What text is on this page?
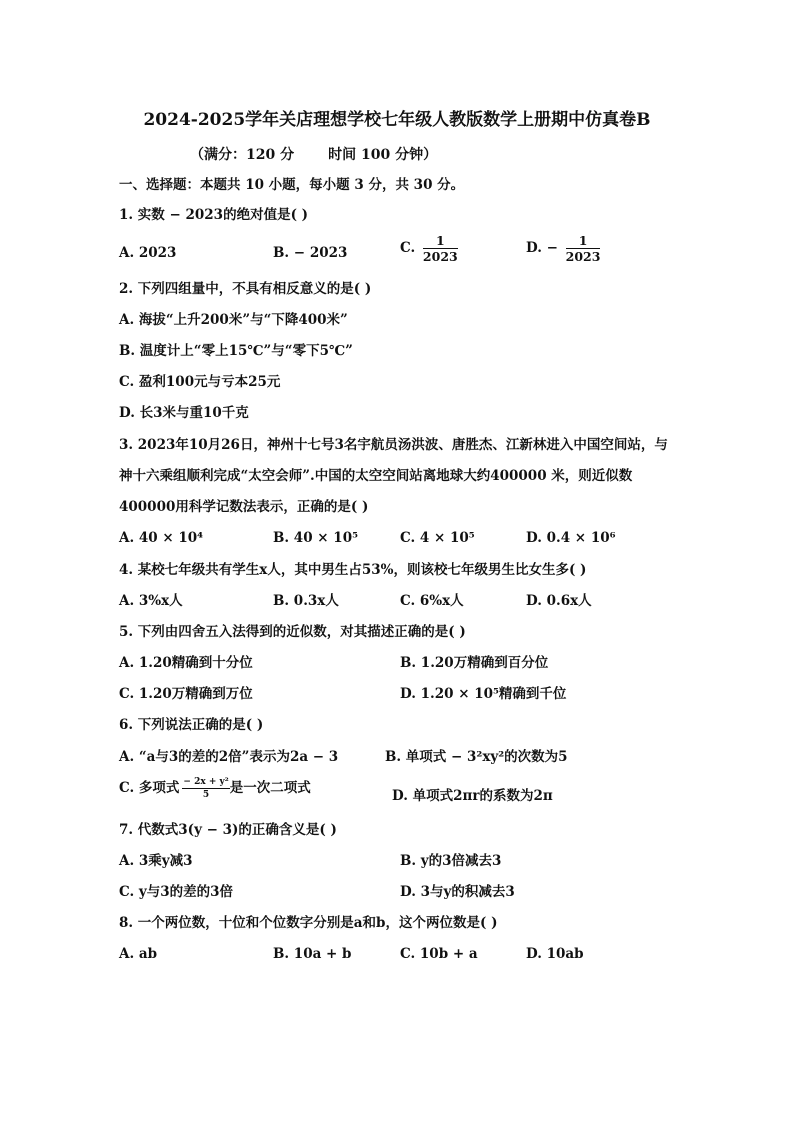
2024-2025学年关店理想学校七年级人教版数学上册期中仿真卷B
（满分：120 分 时间 100 分钟）
一、选择题：本题共 10 小题，每小题 3 分，共 30 分。
1. 实数 − 2023的绝对值是( )
A. 2023	B. − 2023	C. $\frac{1}{2023}$	D. − $\frac{1}{2023}$
2. 下列四组量中，不具有相反意义的是( )
A. 海拔“上升200米”与“下降400米”
B. 温度计上“零上15℃”与“零下5℃”
C. 盈利100元与亏本25元
D. 长3米与重10千克
3. 2023年10月26日，神州十七号3名宇航员汤洪波、唐胜杰、江新林进入中国空间站，与
神十六乘组顺利完成“太空会师”.中国的太空空间站离地球大约400000 米，则近似数
400000用科学记数法表示，正确的是( )
A. 40 × 10⁴	B. 40 × 10⁵	C. 4 × 10⁵	D. 0.4 × 10⁶
4. 某校七年级共有学生x人，其中男生占53%，则该校七年级男生比女生多( )
A. 3%x人	B. 0.3x人	C. 6%x人	D. 0.6x人
5. 下列由四舍五入法得到的近似数，对其描述正确的是( )
A. 1.20精确到十分位	B. 1.20万精确到百分位
C. 1.20万精确到万位	D. 1.20 × 10⁵精确到千位
6. 下列说法正确的是( )
A. “a与3的差的2倍”表示为2a − 3	B. 单项式 − 3²xy²的次数为5
C. 多项式 $\frac{\text{− 2x + y²}}{5}$ 是一次二项式	D. 单项式2πr的系数为2π
7. 代数式3(y − 3)的正确含义是( )
A. 3乘y减3	B. y的3倍减去3
C. y与3的差的3倍	D. 3与y的积减去3
8. 一个两位数，十位和个位数字分别是a和b，这个两位数是( )
A. ab	B. 10a + b	C. 10b + a	D. 10ab
